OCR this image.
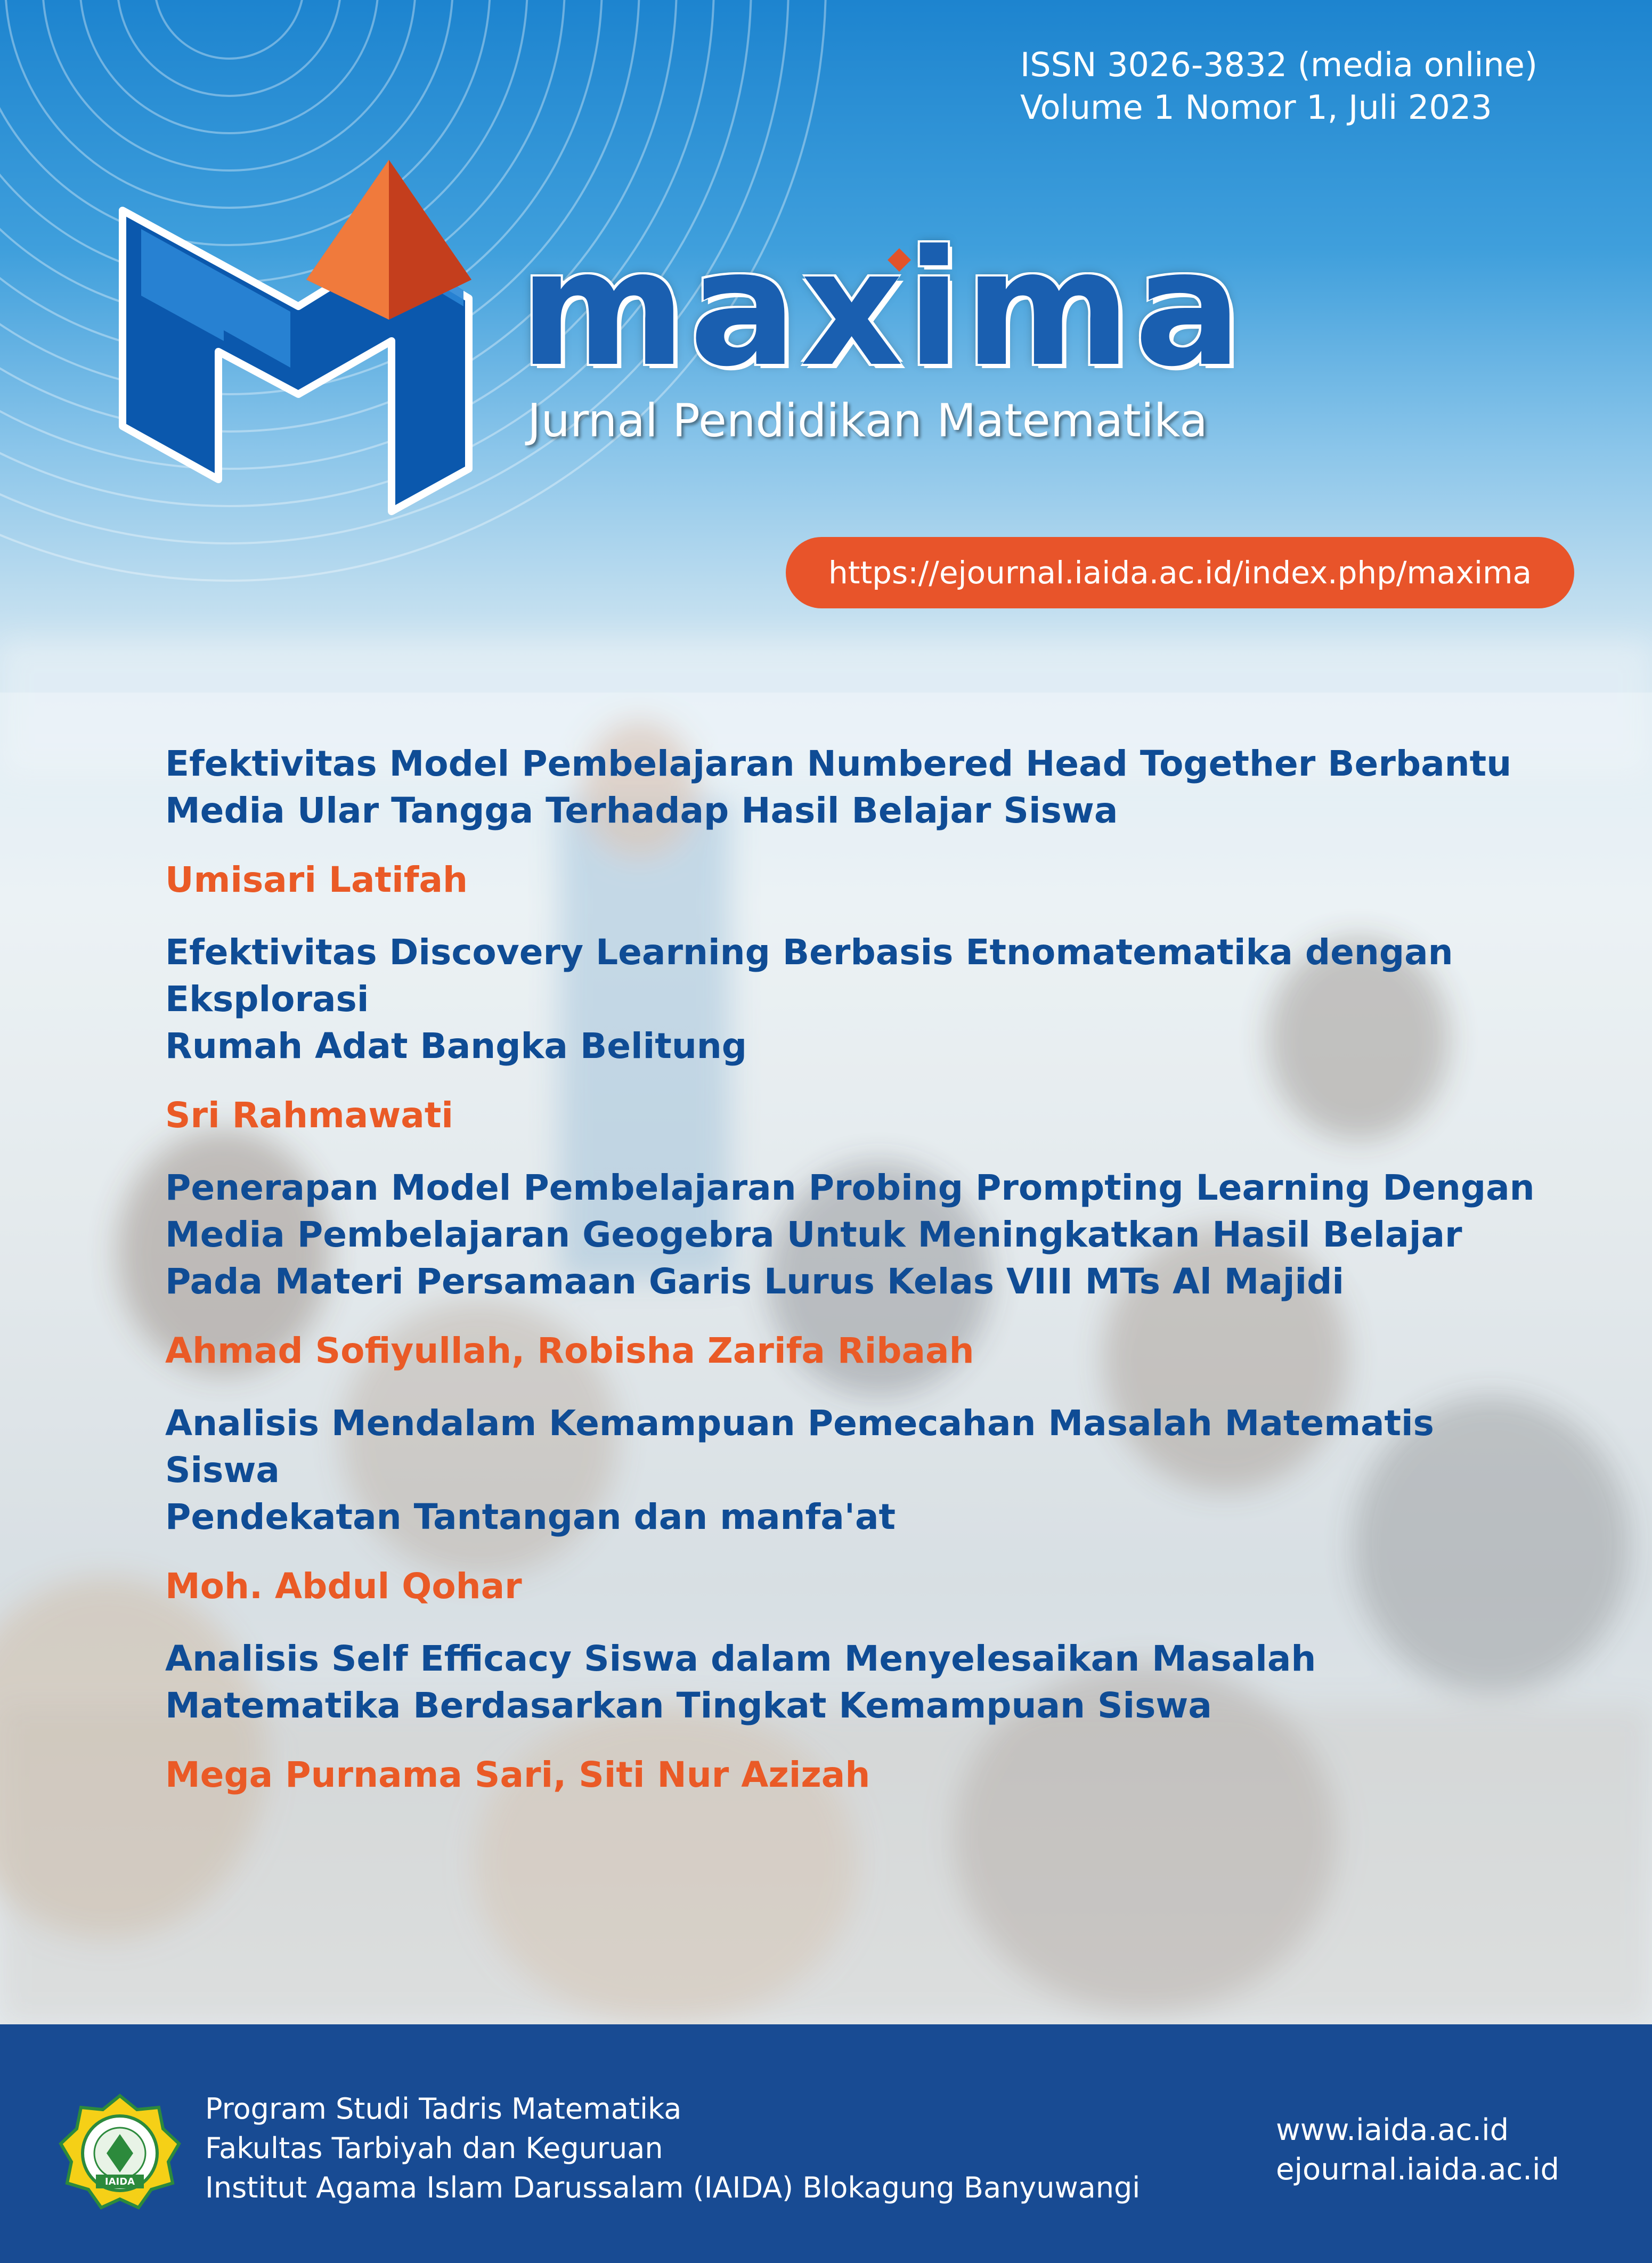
ISSN 3026-3832 (media online)
Volume 1 Nomor 1, Juli 2023
maxima
Jurnal Pendidikan Matematika
https://ejournal.iaida.ac.id/index.php/maxima
Efektivitas Model Pembelajaran Numbered Head Together Berbantu
Media Ular Tangga Terhadap Hasil Belajar Siswa
Umisari Latifah
Efektivitas Discovery Learning Berbasis Etnomatematika dengan Eksplorasi
Rumah Adat Bangka Belitung
Sri Rahmawati
Penerapan Model Pembelajaran Probing Prompting Learning Dengan
Media Pembelajaran Geogebra Untuk Meningkatkan Hasil Belajar
Pada Materi Persamaan Garis Lurus Kelas VIII MTs Al Majidi
Ahmad Sofiyullah, Robisha Zarifa Ribaah
Analisis Mendalam Kemampuan Pemecahan Masalah Matematis Siswa
Pendekatan Tantangan dan manfa'at
Moh. Abdul Qohar
Analisis Self Efficacy Siswa dalam Menyelesaikan Masalah
Matematika Berdasarkan Tingkat Kemampuan Siswa
Mega Purnama Sari, Siti Nur Azizah
IAIDA
Program Studi Tadris Matematika
Fakultas Tarbiyah dan Keguruan
Institut Agama Islam Darussalam (IAIDA) Blokagung Banyuwangi
www.iaida.ac.id
ejournal.iaida.ac.id
